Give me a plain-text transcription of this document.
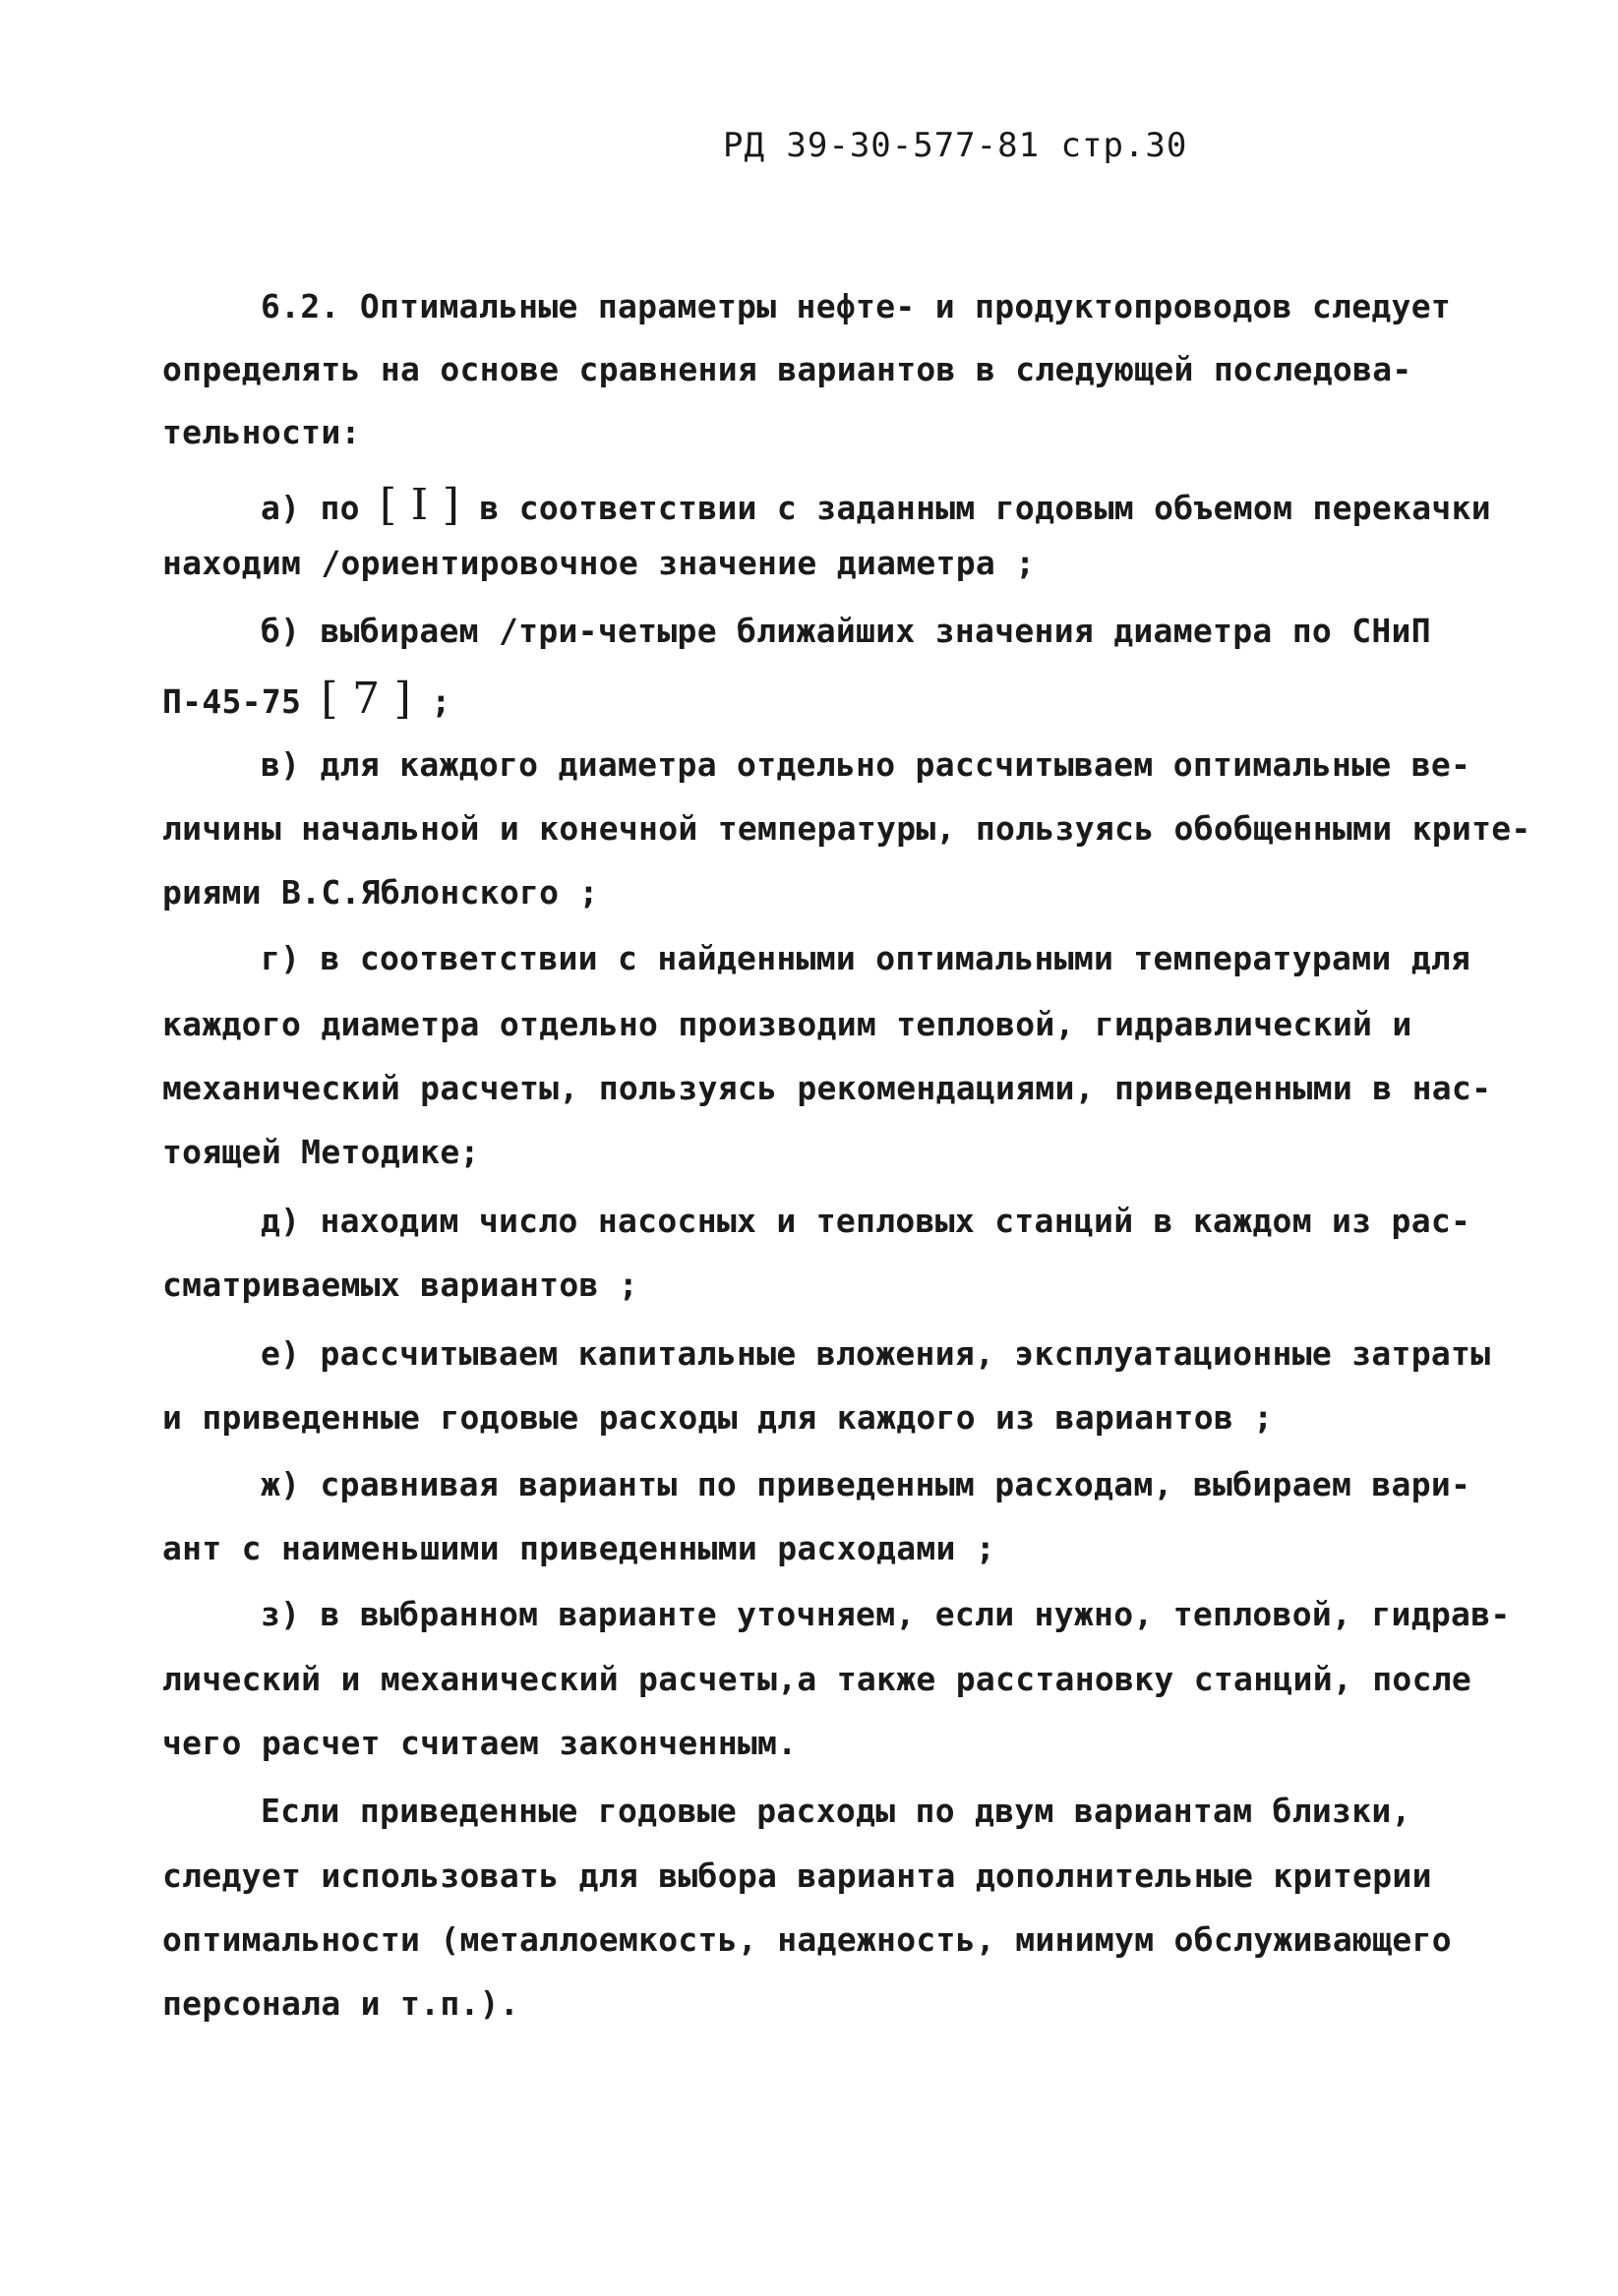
РД 39-30-577-81 стр.30
6.2. Оптимальные параметры нефте- и продуктопроводов следует
определять на основе сравнения вариантов в следующей последова-
тельности:
а) по [ I ] в соответствии с заданным годовым объемом перекачки
находим /ориентировочное значение диаметра ;
б) выбираем /три-четыре ближайших значения диаметра по СНиП
П-45-75 [ 7 ] ;
в) для каждого диаметра отдельно рассчитываем оптимальные ве-
личины начальной и конечной температуры, пользуясь обобщенными крите-
риями В.С.Яблонского ;
г) в соответствии с найденными оптимальными температурами для
каждого диаметра отдельно производим тепловой, гидравлический и
механический расчеты, пользуясь рекомендациями, приведенными в нас-
тоящей Методике;
д) находим число насосных и тепловых станций в каждом из рас-
сматриваемых вариантов ;
е) рассчитываем капитальные вложения, эксплуатационные затраты
и приведенные годовые расходы для каждого из вариантов ;
ж) сравнивая варианты по приведенным расходам, выбираем вари-
ант с наименьшими приведенными расходами ;
з) в выбранном варианте уточняем, если нужно, тепловой, гидрав-
лический и механический расчеты,а также расстановку станций, после
чего расчет считаем законченным.
Если приведенные годовые расходы по двум вариантам близки,
следует использовать для выбора варианта дополнительные критерии
оптимальности (металлоемкость, надежность, минимум обслуживающего
персонала и т.п.).
